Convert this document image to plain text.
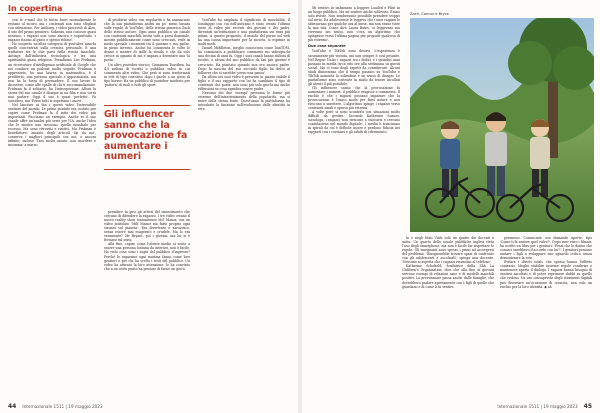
In copertina

con le e-mail che le butta fuori normalmente le restano al sicuro, ma i contenuti non sono sfogliati con attenzione. Per Anthony, i video piacevoli di Alex, il sito del primo pensiero, Sukentu, nun conosce quasi nessuno, i ragazzi non sono ancora e soprattutto 'i ragazzi stanno al gioco e spesso ridono'.

Ho scoperto un'altra categoria di youtuber maschi quelli concentrati sulla crescita personale. E una trattativa tra le due parti della rivista maschile. Antiage dall'industria tecnologica e tra una spiritualità quasi religiosa. Prendiamo Leo Fridman, un ricercatore d'intelligenza artificiale di Google che nei conduce un podcast molto seguito. Fridman è apprezzato, ha una laurea in matematica, è il prediletto, una persona speciale e appassionata, ma non ha la forza di persuadere. Il suo lavoro fa discutere, come alle spalle di chi ti raccomandazione. Fridman fa il solitario, ha l'introspezione. Allora la storia del suo canale è dunque in un film e non vorrà mai parlare. Oggi il suo è quasi 'perfetto'. Fa sorridere, ma 'Forse tutti si aspettano i nuovi'.

Nel lanciare ai fan i questi video l'introvabile sentiero del mondo. Le prime puntate era costato per capire come Fridman fa il mito dei video più importanti. Facciamo un esempio. Anche se il suo canale offre un'analisi più serie per l'IA, anche l'idea che le mostre non riescono, quella mondiale per eccesso. Ma sono ritrovati e riattivi. Ma Fridman è benefattore: amante degli articoli 'fai da me', conserva i migliori principali con noi, o ancora infinite, incluse 'Taro molto amato: non mordere e insomma' a marzo.

di produrre video con regolarità e ha annunciato che la sua piattaforma andrà un po' meno basata sulle regole di YouTube, della rivista generica Zach dello stesso autore. Ogni anno pubblica un canale con contenuti maschili, invita tutti a porsi domande, mostra pubblicamente come sono cresciuti, vede in modo speciale i momenti tra il giovane e suo padre, in pieno inverno. Anche lui commenta le volte le donne e mentre di mille la strada e che da solo cresce in ognuno di noi e impara a diventare una 'la posta'.

Un altro youtuber storico, Cinnamon Toastken, ha 4,5 milioni di iscritti e pubblica video in cui commenta altri video. Che però si sono trasformati in reti di tipo corrosivo dopo i giochi a un gioco di tipo horror. Ha un pubblico di youtuber modesto per 'pattern' di ruoli e tutti gli sport.

Gli influencer sanno che la provocazione fa aumentare i numeri

prendere in giro gli artisti del rinascimento che cercano di difendere la ragazzo. I tre video creano il nuovo reality show statunitense Mil' Manor, con un video intitolato 'Milf Manor ma fatto proprio ogni stronza sul pianeta'. Era divertente e sarcastico, senza essere mai esagerato e crudele. Ma lo era veramente? Mr Bryant, poi i giovani, ma lui si è fermato sul serio.

Alla fine, capire come l'utente medio si sente a essere una persona lontana da internet, non è facile. Ha visto cosa sono i sogni del pubblico d'ingresso? Perché le ragazzine ogni mattina fanno come loro genitori e per chi ha scelto i testi del pubblico. Un video ha attirato la loro attenzione: lo ha convinto che a un certo punto ha pensato di farne un gioco.

YouTube ha ampliato il significato di maschilità. Il sondaggio con cui nell'autunno è stato creato l'ultima serie di video più recenti dei giovani e dei padri, diventati un'istituzione e una piattaforma sui temi più intimi. A questo proposito, il mondo del porno sul web ha una causa importante per la società, si esprime in molti modi.

Daniel Middleton, meglio conosciuto come DanTDM, ha cominciato a pubblicare commenti sui videogiochi una decina di anni fa. Oggi i suoi canali hanno milioni di iscritti, e alcuni del suo pubblico da fan più giovani è cresciuto. Ha piantato quando non era ancora padre. Dopo la nascita del suo secondo figlio ha detto ai follower che si sarebbe 'preso una pausa'.

Da allora nei suoi video è presente in pianta stabile il figlio e il suo rapporto con lui ha cambiato il tipo di contenuti che posta: non sono più solo giochi ma anche riflessioni su cosa significa essere padre.

Nessuno dei due 'esempi' presenta le forme più estreme dell'intrattenimento della popolarità, ma si nutre della stessa fonte. Quest'anno la piattaforma ha introdotto la funzione sull'evoluzione delle identità in rete.

44 Internazionale 1511 | 19 maggio 2023

Mi sentivo in imbarazzo a leggere Loaded e Flint in un luogo pubblico. Ma mi sentivo anche sollevato. Erano solo riviste. Non sembravano possibile prendere troppo sul serio. Da adolescente le leggevo che i miei ragazzi le sbirciavano per qualche ora al mese, ma non erano tutte la mia vita. Come dice Laura Bates, 'si leggevano ma vivevano nei senso, non c'era un algoritmo che spingesse verso l'ultima pagina per proporti qualcosa di più estremo'.

Due cose separate

YouTube e TikTok sono diversi. L'esperienza è sicuramente più vissuta, ma non sempre è così pesante. Nel Regno Unito i ragazzi tra i dodici e i quindici anni passano in media circa otto ore alla settimana su questi social. Ma ci sono degli aspetti da considerare. Alcuni studi dimostrano che il tempo passato su YouTube e TikTok aumenta la solitudine e un senso di disagio. Le piattaforme sono costruite in modo da tenere incollati gli utenti il più possibile.

Gli influencer sanno che la provocazione fa aumentare i numeri: il pubblico reagisce e commenta. Il rischio è che i ragazzi possano imparare che la provocazione è l'unico modo per farsi notare e non riescono a smettere. L'algoritmo spinge i ragazzi verso contenuti simili e spesso più estremi.

A volte però si sono scontrati con situazioni molto difficili da gestire. Secondo Katherine Soanes, sociologa, i ragazzi 'non riescono a staccarsi e cercano consolazione nel mondo digitale'. I media li trascinano in spirali da cui è difficile uscire e perdono fiducia nei rapporti con i coetanei e gli adulti di riferimento.

Zach, Connor e Bryce

to e negli Stati Uniti solo un quarto dei docenti è unito. Un quarto delle scuole pubbliche inglesi vieta l'uso degli smartphone, ma non è facile far rispettare le regole. Gli insegnanti sono spesso i primi ad accorgersi del problema. 'Bisognerebbe trovare spazi di confronto con gli adolescenti e ascoltarli', spiega una docente. 'Nessuno si aspetta che i ragazzi rinuncino al telefono'.

Katherine Schofield, fondatrice della Shh La Children's Organisation, dice che alla fine ai giovani servono esempi di relazioni sane e di modelli maschili positivi. La prevenzione passa anche dalle famiglie, che dovrebbero parlare apertamente con i figli di quello che guardano e di come li fa sentire.

permesso. Cominciate con domande aperte, tipo 'Come ti fa sentire quel video?'. Dopo aver visto i filmati, ha scritto un libro per i genitori: 'Pensi che le donne che conosci sarebbero d'accordo con lui?'. I genitori possono aiutare i figli a sviluppare uno sguardo critico senza demonizzare la rete.

Evitare i divieti totali, che spesso hanno l'effetto contrario. Meglio stabilire insieme regole condivise e mantenere aperto il dialogo. I ragazzi hanno bisogno di sentirsi ascoltati e di poter esprimere dubbi su quello che vedono. Un uso consapevole degli strumenti digitali può diventare un'occasione di crescita, non solo un rischio per la loro identità. ◆ ab

Internazionale 1511 | 19 maggio 2023 45
